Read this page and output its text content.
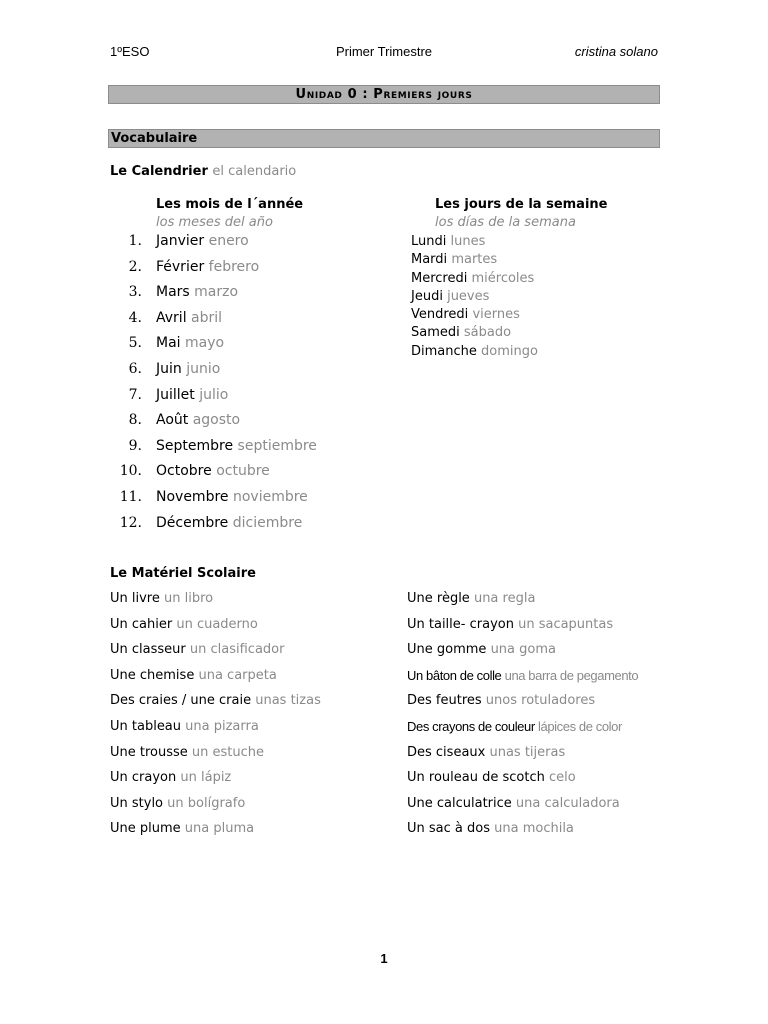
1ºESO	Primer Trimestre	cristina solano
Unidad 0 : Premiers jours
Vocabulaire
Le Calendrier el calendario
Les mois de l´année
los meses del año
Les jours de la semaine
los días de la semana
1. Janvier enero
2. Février febrero
3. Mars marzo
4. Avril abril
5. Mai mayo
6. Juin junio
7. Juillet julio
8. Août agosto
9. Septembre septiembre
10. Octobre octubre
11. Novembre noviembre
12. Décembre diciembre
Lundi lunes
Mardi martes
Mercredi miércoles
Jeudi jueves
Vendredi viernes
Samedi sábado
Dimanche domingo
Le Matériel Scolaire
Un livre un libro
Un cahier un cuaderno
Un classeur un clasificador
Une chemise una carpeta
Des craies / une craie unas tizas
Un tableau una pizarra
Une trousse un estuche
Un crayon un lápiz
Un stylo un bolígrafo
Une plume una pluma
Une règle una regla
Un taille- crayon un sacapuntas
Une gomme una goma
Un bâton de colle una barra de pegamento
Des feutres unos rotuladores
Des crayons de couleur lápices de color
Des ciseaux unas tijeras
Un rouleau de scotch celo
Une calculatrice una calculadora
Un sac à dos una mochila
1
